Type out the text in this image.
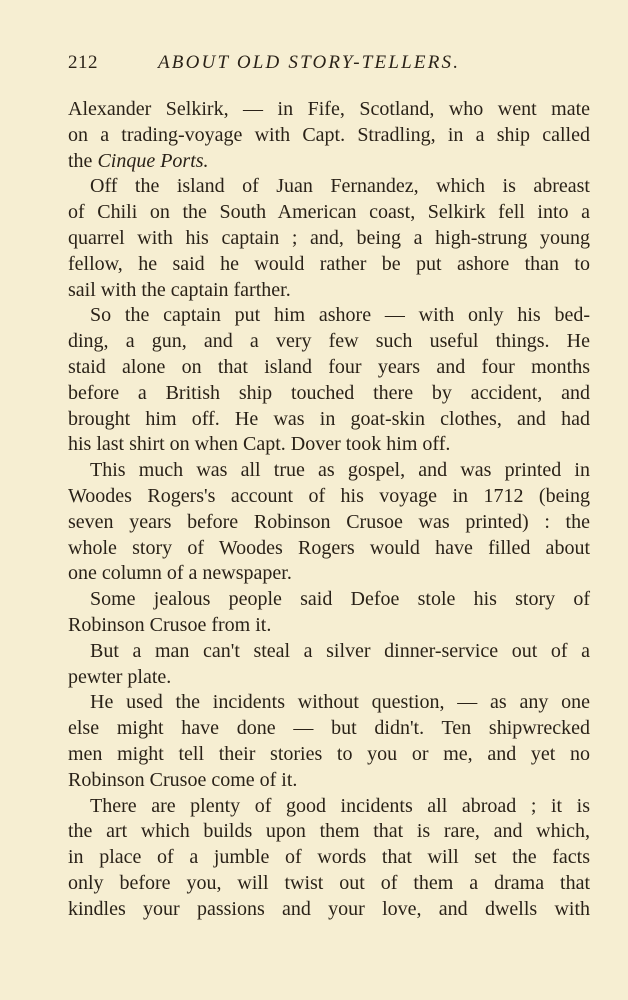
212	ABOUT OLD STORY-TELLERS.
Alexander Selkirk, — in Fife, Scotland, who went mate
on a trading-voyage with Capt. Stradling, in a ship called
the Cinque Ports.
Off the island of Juan Fernandez, which is abreast
of Chili on the South American coast, Selkirk fell into a
quarrel with his captain ; and, being a high-strung young
fellow, he said he would rather be put ashore than to
sail with the captain farther.
So the captain put him ashore — with only his bed-
ding, a gun, and a very few such useful things. He
staid alone on that island four years and four months
before a British ship touched there by accident, and
brought him off. He was in goat-skin clothes, and had
his last shirt on when Capt. Dover took him off.
This much was all true as gospel, and was printed in
Woodes Rogers's account of his voyage in 1712 (being
seven years before Robinson Crusoe was printed) : the
whole story of Woodes Rogers would have filled about
one column of a newspaper.
Some jealous people said Defoe stole his story of
Robinson Crusoe from it.
But a man can't steal a silver dinner-service out of a
pewter plate.
He used the incidents without question, — as any one
else might have done — but didn't. Ten shipwrecked
men might tell their stories to you or me, and yet no
Robinson Crusoe come of it.
There are plenty of good incidents all abroad ; it is
the art which builds upon them that is rare, and which,
in place of a jumble of words that will set the facts
only before you, will twist out of them a drama that
kindles your passions and your love, and dwells with
